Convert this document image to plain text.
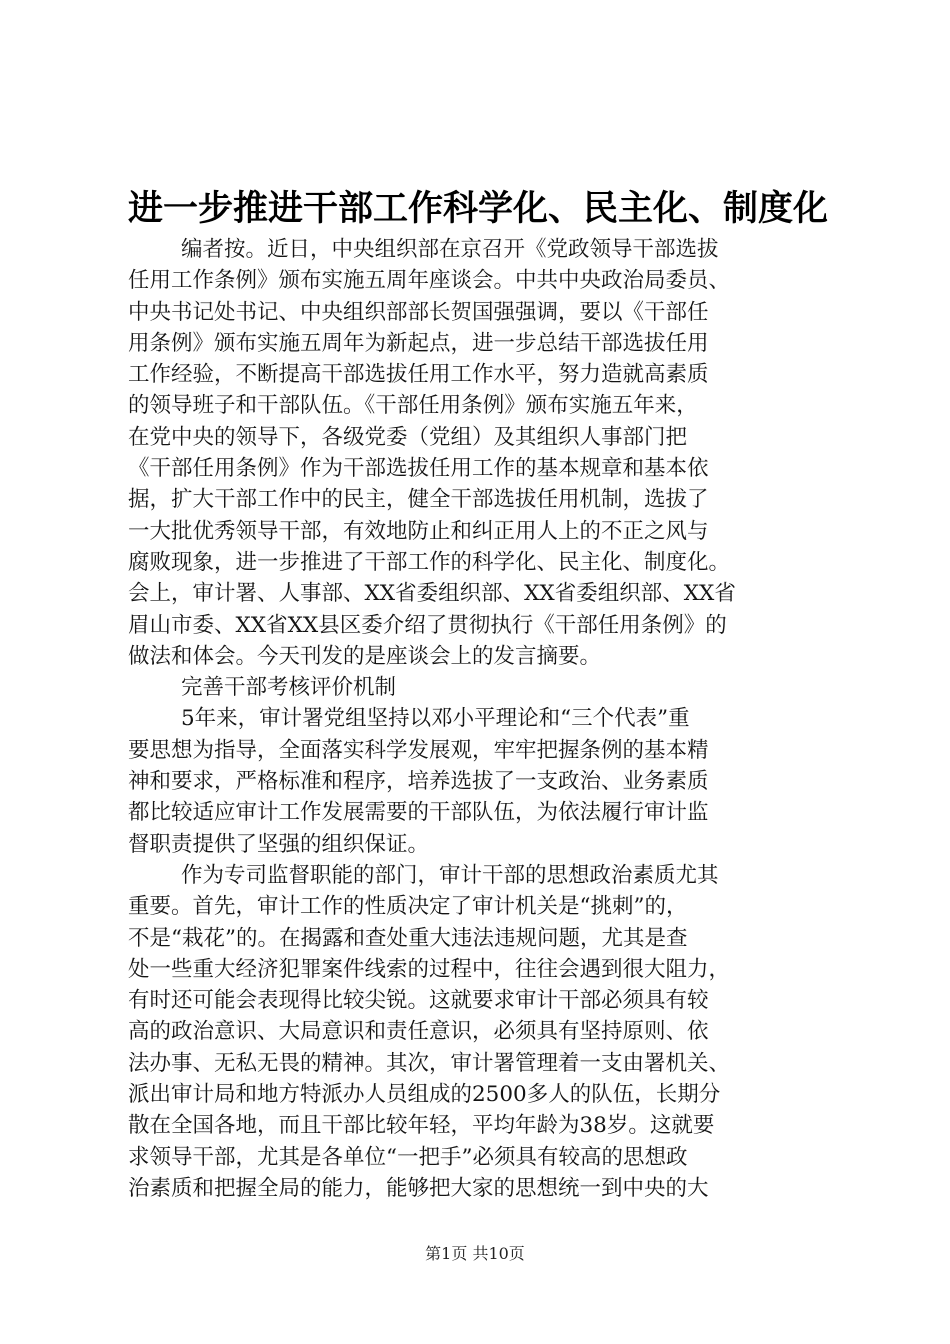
进一步推进干部工作科学化、民主化、制度化
编者按。近日，中央组织部在京召开《党政领导干部选拔
任用工作条例》颁布实施五周年座谈会。中共中央政治局委员、
中央书记处书记、中央组织部部长贺国强强调，要以《干部任
用条例》颁布实施五周年为新起点，进一步总结干部选拔任用
工作经验，不断提高干部选拔任用工作水平，努力造就高素质
的领导班子和干部队伍。《干部任用条例》颁布实施五年来，
在党中央的领导下，各级党委（党组）及其组织人事部门把
《干部任用条例》作为干部选拔任用工作的基本规章和基本依
据，扩大干部工作中的民主，健全干部选拔任用机制，选拔了
一大批优秀领导干部，有效地防止和纠正用人上的不正之风与
腐败现象，进一步推进了干部工作的科学化、民主化、制度化。
会上，审计署、人事部、XX省委组织部、XX省委组织部、XX省
眉山市委、XX省XX县区委介绍了贯彻执行《干部任用条例》的
做法和体会。今天刊发的是座谈会上的发言摘要。
完善干部考核评价机制
5年来，审计署党组坚持以邓小平理论和“三个代表”重
要思想为指导，全面落实科学发展观，牢牢把握条例的基本精
神和要求，严格标准和程序，培养选拔了一支政治、业务素质
都比较适应审计工作发展需要的干部队伍，为依法履行审计监
督职责提供了坚强的组织保证。
作为专司监督职能的部门，审计干部的思想政治素质尤其
重要。首先，审计工作的性质决定了审计机关是“挑刺”的，
不是“栽花”的。在揭露和查处重大违法违规问题，尤其是查
处一些重大经济犯罪案件线索的过程中，往往会遇到很大阻力，
有时还可能会表现得比较尖锐。这就要求审计干部必须具有较
高的政治意识、大局意识和责任意识，必须具有坚持原则、依
法办事、无私无畏的精神。其次，审计署管理着一支由署机关、
派出审计局和地方特派办人员组成的2500多人的队伍，长期分
散在全国各地，而且干部比较年轻，平均年龄为38岁。这就要
求领导干部，尤其是各单位“一把手”必须具有较高的思想政
治素质和把握全局的能力，能够把大家的思想统一到中央的大
第1页 共10页
